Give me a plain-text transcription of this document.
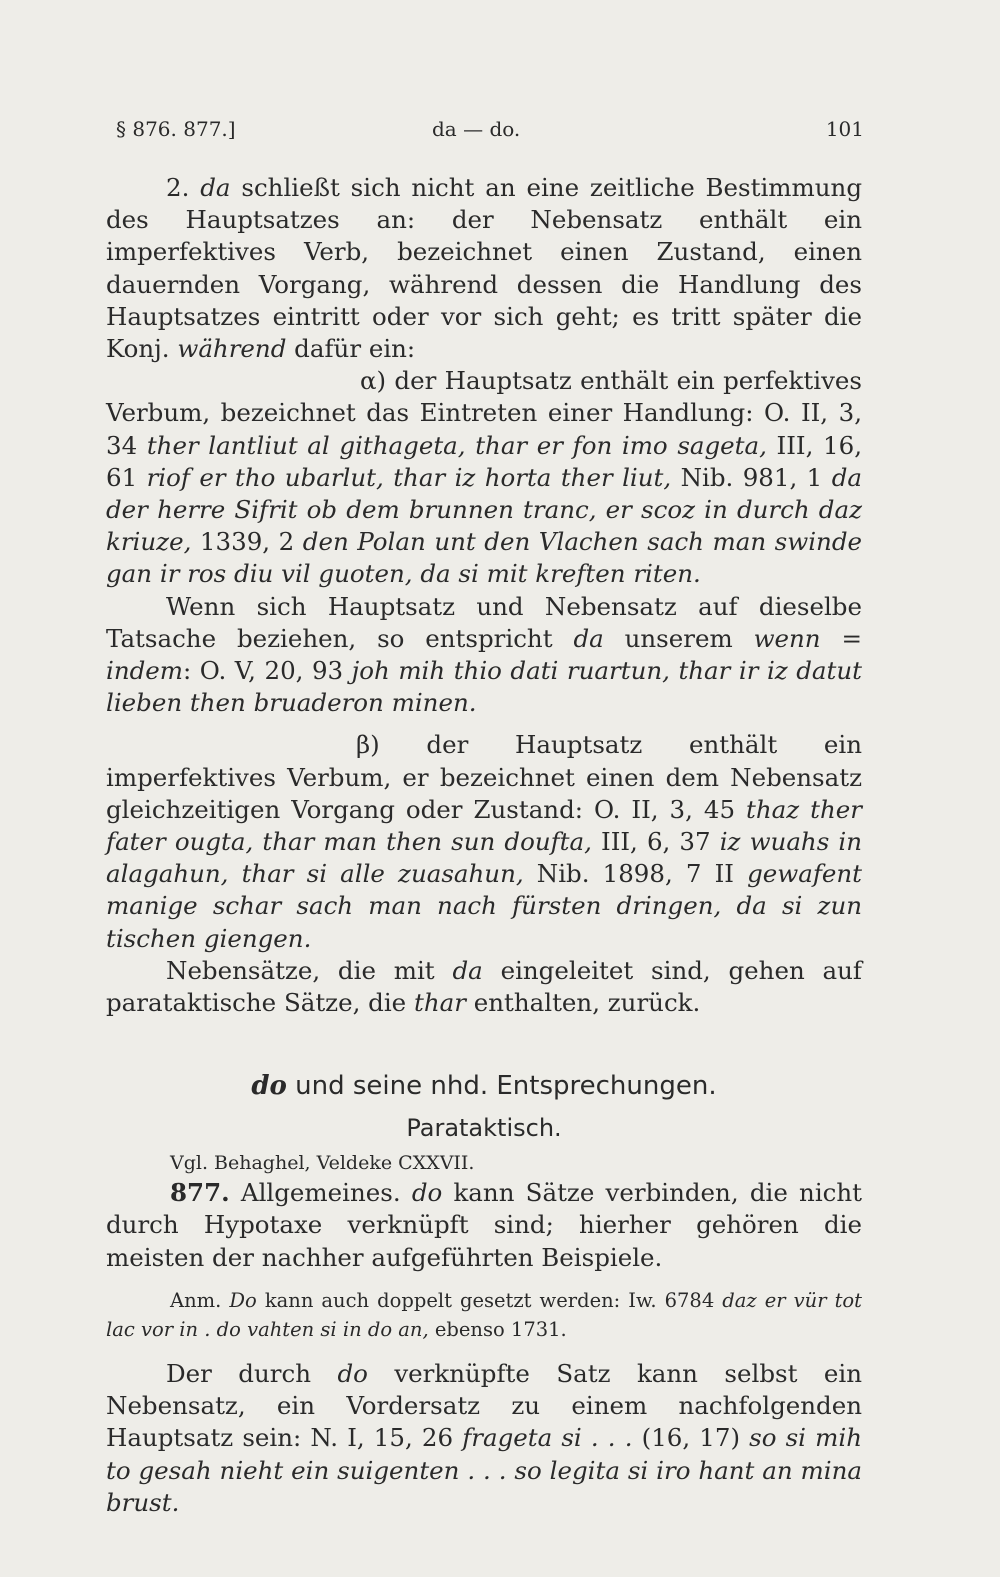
§ 876. 877.]	da — do.	101

2. da schließt sich nicht an eine zeitliche Bestimmung des Hauptsatzes an: der Nebensatz enthält ein imperfektives Verb, bezeichnet einen Zustand, einen dauernden Vorgang, während dessen die Handlung des Hauptsatzes eintritt oder vor sich geht; es tritt später die Konj. während dafür ein:

α) der Hauptsatz enthält ein perfektives Verbum, bezeichnet das Eintreten einer Handlung: O. II, 3, 34 ther lantliut al githageta, thar er fon imo sageta, III, 16, 61 riof er tho ubarlut, thar iz horta ther liut, Nib. 981, 1 da der herre Sifrit ob dem brunnen tranc, er scoz in durch daz kriuze, 1339, 2 den Polan unt den Vlachen sach man swinde gan ir ros diu vil guoten, da si mit kreften riten.

Wenn sich Hauptsatz und Nebensatz auf dieselbe Tatsache beziehen, so entspricht da unserem wenn = indem: O. V, 20, 93 joh mih thio dati ruartun, thar ir iz datut lieben then bruaderon minen.

β) der Hauptsatz enthält ein imperfektives Verbum, er bezeichnet einen dem Nebensatz gleichzeitigen Vorgang oder Zustand: O. II, 3, 45 thaz ther fater ougta, thar man then sun doufta, III, 6, 37 iz wuahs in alagahun, thar si alle zuasahun, Nib. 1898, 7 II gewafent manige schar sach man nach fürsten dringen, da si zun tischen giengen.

Nebensätze, die mit da eingeleitet sind, gehen auf parataktische Sätze, die thar enthalten, zurück.

do und seine nhd. Entsprechungen.
Parataktisch.
Vgl. Behaghel, Veldeke CXXVII.

877. Allgemeines. do kann Sätze verbinden, die nicht durch Hypotaxe verknüpft sind; hierher gehören die meisten der nachher aufgeführten Beispiele.

Anm. Do kann auch doppelt gesetzt werden: Iw. 6784 daz er vür tot lac vor in . do vahten si in do an, ebenso 1731.

Der durch do verknüpfte Satz kann selbst ein Nebensatz, ein Vordersatz zu einem nachfolgenden Hauptsatz sein: N. I, 15, 26 frageta si . . . (16, 17) so si mih to gesah nieht ein suigenten . . . so legita si iro hant an mina brust.
